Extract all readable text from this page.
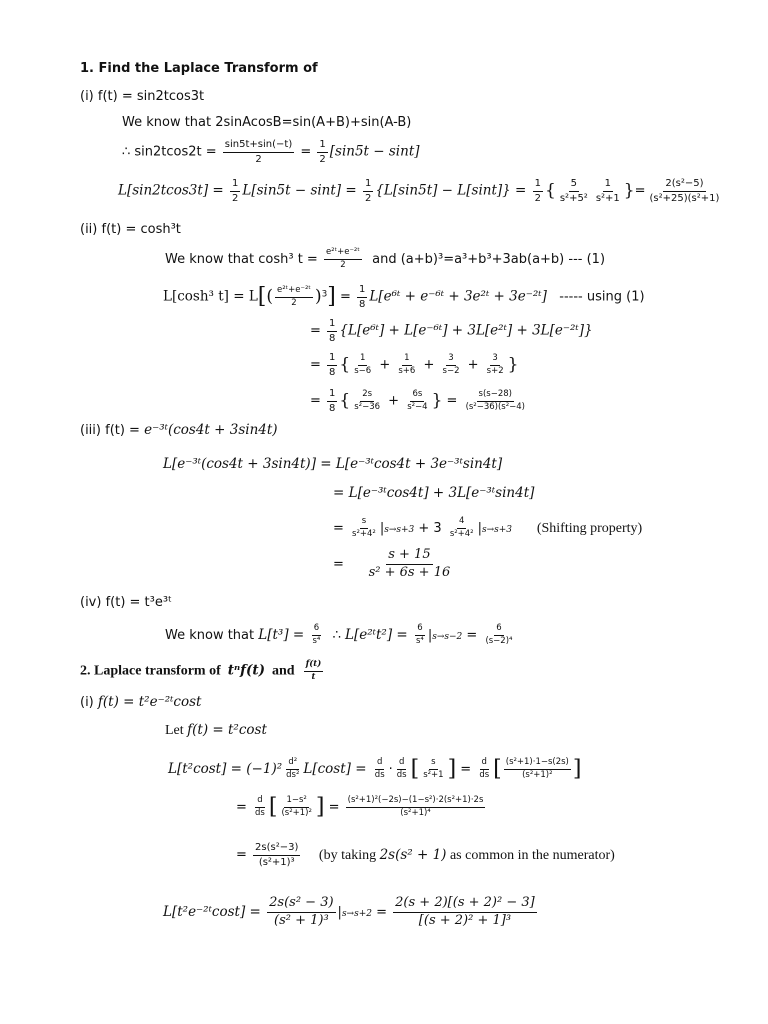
1. Find the Laplace Transform of
(i) f(t) = sin2tcos3t
We know that 2sinAcosB=sin(A+B)+sin(A-B)
∴ $\sin 2tcos2t = \frac{\sin 5t+\sin(-t)}{2} = \frac{1}{2} [\sin 5t - \sin t]$
$L[\sin 2tcos3t] = \frac{1}{2} L[\sin 5t - \sin t] = \frac{1}{2} \{L[\sin 5t] - L[\sin t]\} = \frac{1}{2}$ { $\frac{5}{\text{s²+5²}} \frac{1}{\text{s²+1}}$ }= $\frac{\text{2(s²−5)}}{\text{(s²+25)(s²+1)}}$
(ii) f(t) = cosh³t
We know that cosh³ $t = \frac{\text{e²ᵗ+e⁻²ᵗ}}{2}$ and (a+b)³=a³+b³+3ab(a+b) --- (1)
L[cosh³ $t] = L[( \frac{\text{e²ᵗ+e⁻²ᵗ}}{2} )^3] = \frac{1}{8}$ L[e⁶ᵗ + e⁻⁶ᵗ + 3e²ᵗ + 3e⁻²ᵗ] ----- using (1)
= $\frac{1}{8}$ {L[e⁶ᵗ] + L[e⁻⁶ᵗ] + 3L[e²ᵗ] + 3L[e⁻²ᵗ]}
= $\frac{1}{8}$ { $\frac{1}{s-6} + \frac{1}{s+6} + \frac{3}{s-2} + \frac{3}{s+2}$ }
= $\frac{1}{8}$ { $\frac{2s}{\text{s²−36}} + \frac{6s}{\text{s²−4}}$ } = $\frac{s(s-28)}{\text{(s²−36)(s²−4)}}$
(iii) f(t) = e⁻³ᵗ(cos4t + 3sin4t)
L[e⁻³ᵗ(cos4t + 3sin4t)] = L[e⁻³ᵗcos4t + 3e⁻³ᵗsin4t]
= L[e⁻³ᵗcos4t] + 3L[e⁻³ᵗsin4t]
= $\frac{s}{\text{s²+4²}} |s\to s+3 + 3 \frac{4}{\text{s²+4²}} |s\to s+3$ (Shifting property)
= $\frac{s + 15}{\text{s² + 6s + 16}}$
(iv) f(t) = t³e³ᵗ
We know that $L[t^3] = \frac{6}{\text{s⁴}}$ ∴ L[e²ᵗt²] = $\frac{6}{\text{s⁴}} |s\to s-2 = \frac{6}{\text{(s−2)⁴}}$
2. Laplace transform of tⁿf(t) and $\frac{f(t)}{t}$
(i) f(t) = t²e⁻²ᵗcost
Let f(t) = t²cost
$L[t^2\cos t] = (-1)^2 \frac{\text{d²}}{\text{ds²}} L[\cos t] = \frac{d}{ds} \cdot \frac{d}{ds}$ [ $\frac{s}{\text{s²+1}}$ ] = $\frac{d}{ds}$ [ $\frac{\text{(s²+1)·1−s(2s)}}{\text{(s²+1)²}}$ ]
= $\frac{d}{ds}$ [ $\frac{\text{1−s²}}{\text{(s²+1)²}}$ ] = $\frac{\text{(s²+1)²(−2s)−(1−s²)·2(s²+1)·2s}}{\text{(s²+1)⁴}}$
= $\frac{\text{2s(s²−3)}}{\text{(s²+1)³}} (by$ taking 2s(s² + 1) as common in the numerator)
L[t²e⁻²ᵗcost] = $\frac{\text{2s(s² − 3)}}{\text{(s² + 1)³}} |s\to s+2 = \frac{\text{2(s + 2)[(s + 2)² − 3]}}{\text{[(s + 2)² + 1]³}}$
